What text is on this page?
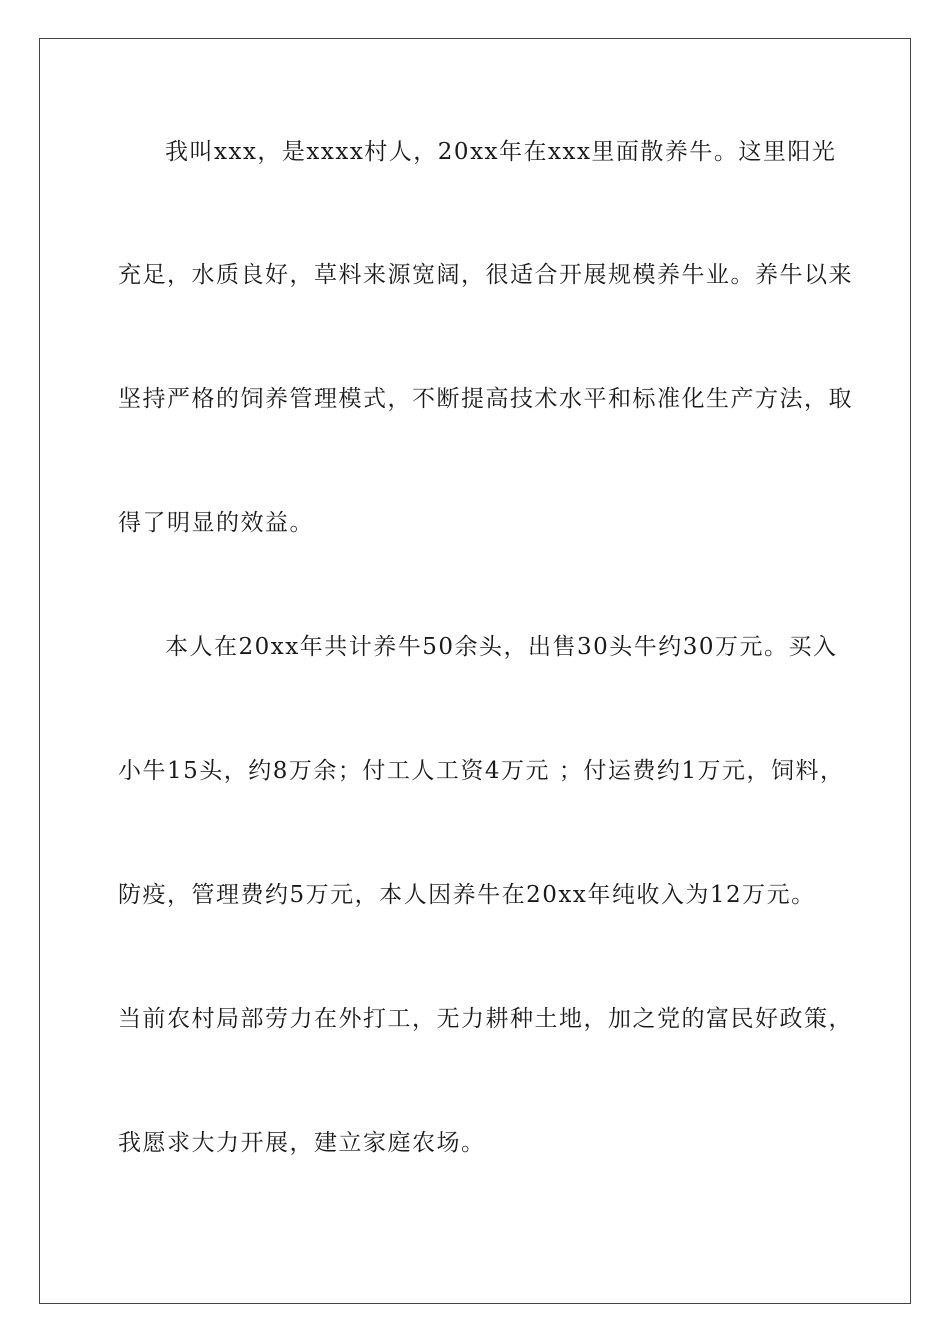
我叫xxx，是xxxx村人，20xx年在xxx里面散养牛。这里阳光
充足，水质良好，草料来源宽阔，很适合开展规模养牛业。养牛以来
坚持严格的饲养管理模式，不断提高技术水平和标准化生产方法，取
得了明显的效益。
本人在20xx年共计养牛50余头，出售30头牛约30万元。买入
小牛15头，约8万余；付工人工资4万元 ；付运费约1万元，饲料，
防疫，管理费约5万元，本人因养牛在20xx年纯收入为12万元。
当前农村局部劳力在外打工，无力耕种土地，加之党的富民好政策，
我愿求大力开展，建立家庭农场。
